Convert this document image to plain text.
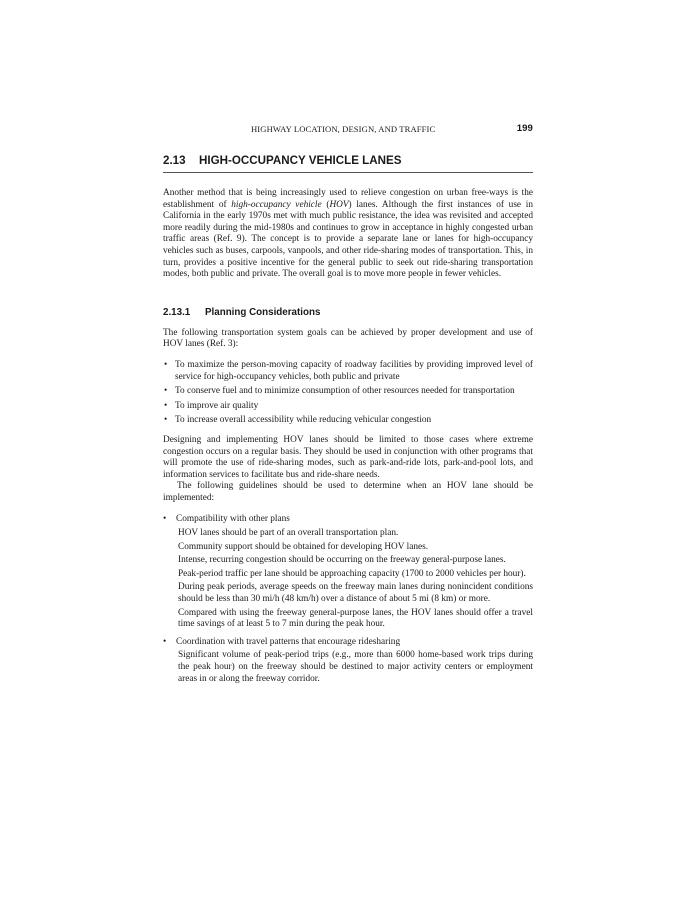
HIGHWAY LOCATION, DESIGN, AND TRAFFIC	199
2.13 HIGH-OCCUPANCY VEHICLE LANES

Another method that is being increasingly used to relieve congestion on urban free-ways is the establishment of high-occupancy vehicle (HOV) lanes. Although the first instances of use in California in the early 1970s met with much public resistance, the idea was revisited and accepted more readily during the mid-1980s and continues to grow in acceptance in highly congested urban traffic areas (Ref. 9). The concept is to provide a separate lane or lanes for high-occupancy vehicles such as buses, carpools, vanpools, and other ride-sharing modes of transportation. This, in turn, provides a positive incentive for the general public to seek out ride-sharing transportation modes, both public and private. The overall goal is to move more people in fewer vehicles.

2.13.1 Planning Considerations

The following transportation system goals can be achieved by proper development and use of HOV lanes (Ref. 3):

• To maximize the person-moving capacity of roadway facilities by providing improved level of service for high-occupancy vehicles, both public and private
• To conserve fuel and to minimize consumption of other resources needed for transportation
• To improve air quality
• To increase overall accessibility while reducing vehicular congestion

Designing and implementing HOV lanes should be limited to those cases where extreme congestion occurs on a regular basis. They should be used in conjunction with other programs that will promote the use of ride-sharing modes, such as park-and-ride lots, park-and-pool lots, and information services to facilitate bus and ride-share needs.

The following guidelines should be used to determine when an HOV lane should be implemented:

• Compatibility with other plans
HOV lanes should be part of an overall transportation plan.
Community support should be obtained for developing HOV lanes.
Intense, recurring congestion should be occurring on the freeway general-purpose lanes.
Peak-period traffic per lane should be approaching capacity (1700 to 2000 vehicles per hour).
During peak periods, average speeds on the freeway main lanes during nonincident conditions should be less than 30 mi/h (48 km/h) over a distance of about 5 mi (8 km) or more.
Compared with using the freeway general-purpose lanes, the HOV lanes should offer a travel time savings of at least 5 to 7 min during the peak hour.
• Coordination with travel patterns that encourage ridesharing
Significant volume of peak-period trips (e.g., more than 6000 home-based work trips during the peak hour) on the freeway should be destined to major activity centers or employment areas in or along the freeway corridor.
